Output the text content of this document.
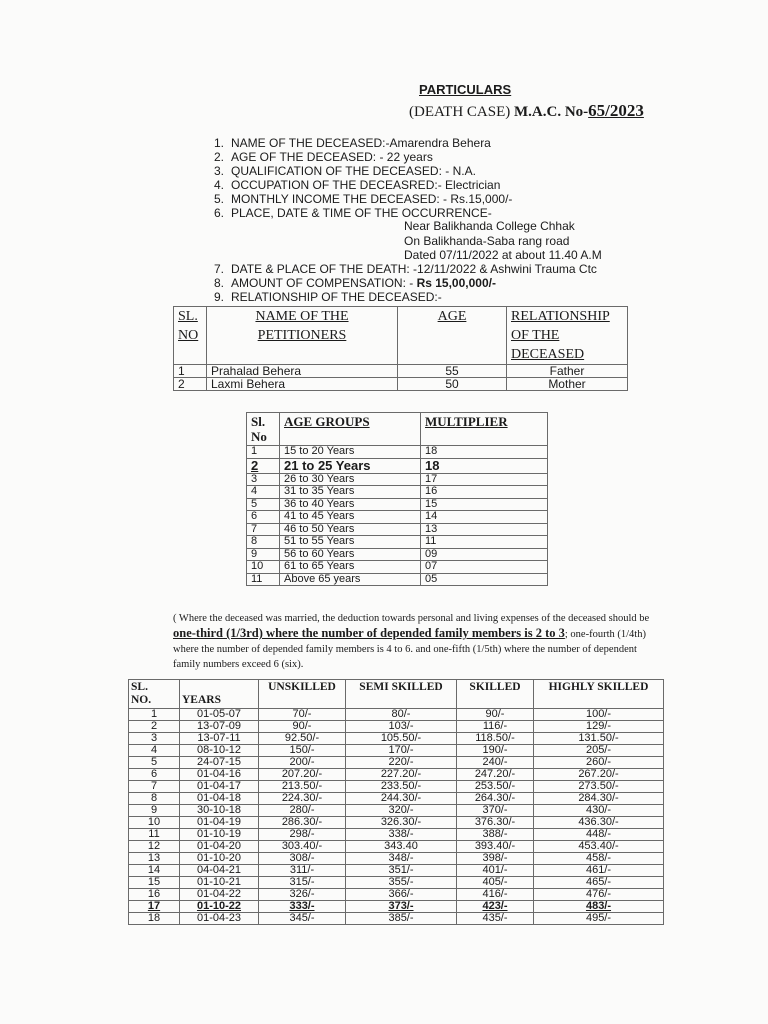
PARTICULARS
(DEATH CASE) M.A.C. No-65/2023
1. NAME OF THE DECEASED:-Amarendra Behera
2. AGE OF THE DECEASED: - 22 years
3. QUALIFICATION OF THE DECEASED: - N.A.
4. OCCUPATION OF THE DECEASRED:- Electrician
5. MONTHLY INCOME THE DECEASED: - Rs.15,000/-
6. PLACE, DATE & TIME OF THE OCCURRENCE-
Near Balikhanda College Chhak
On Balikhanda-Saba rang road
Dated 07/11/2022 at about 11.40 A.M
7. DATE & PLACE OF THE DEATH: -12/11/2022 & Ashwini Trauma Ctc
8. AMOUNT OF COMPENSATION: - Rs 15,00,000/-
9. RELATIONSHIP OF THE DECEASED:-
SL.
NO	NAME OF THE
PETITIONERS	AGE	RELATIONSHIP
OF THE
DECEASED
1	Prahalad Behera	55	Father
2	Laxmi Behera	50	Mother
Sl.
No	AGE GROUPS	MULTIPLIER
1	15 to 20 Years	18
2	21 to 25 Years	18
3	26 to 30 Years	17
4	31 to 35 Years	16
5	36 to 40 Years	15
6	41 to 45 Years	14
7	46 to 50 Years	13
8	51 to 55 Years	11
9	56 to 60 Years	09
10	61 to 65 Years	07
11	Above 65 years	05
( Where the deceased was married, the deduction towards personal and living expenses of the deceased should be one-third (1/3rd) where the number of depended family members is 2 to 3; one-fourth (1/4th) where the number of depended family members is 4 to 6. and one-fifth (1/5th) where the number of dependent family numbers exceed 6 (six).
SL.
NO.	YEARS	UNSKILLED	SEMI SKILLED	SKILLED	HIGHLY SKILLED
1	01-05-07	70/-	80/-	90/-	100/-
2	13-07-09	90/-	103/-	116/-	129/-
3	13-07-11	92.50/-	105.50/-	118.50/-	131.50/-
4	08-10-12	150/-	170/-	190/-	205/-
5	24-07-15	200/-	220/-	240/-	260/-
6	01-04-16	207.20/-	227.20/-	247.20/-	267.20/-
7	01-04-17	213.50/-	233.50/-	253.50/-	273.50/-
8	01-04-18	224.30/-	244.30/-	264.30/-	284.30/-
9	30-10-18	280/-	320/-	370/-	430/-
10	01-04-19	286.30/-	326.30/-	376.30/-	436.30/-
11	01-10-19	298/-	338/-	388/-	448/-
12	01-04-20	303.40/-	343.40	393.40/-	453.40/-
13	01-10-20	308/-	348/-	398/-	458/-
14	04-04-21	311/-	351/-	401/-	461/-
15	01-10-21	315/-	355/-	405/-	465/-
16	01-04-22	326/-	366/-	416/-	476/-
17	01-10-22	333/-	373/-	423/-	483/-
18	01-04-23	345/-	385/-	435/-	495/-
